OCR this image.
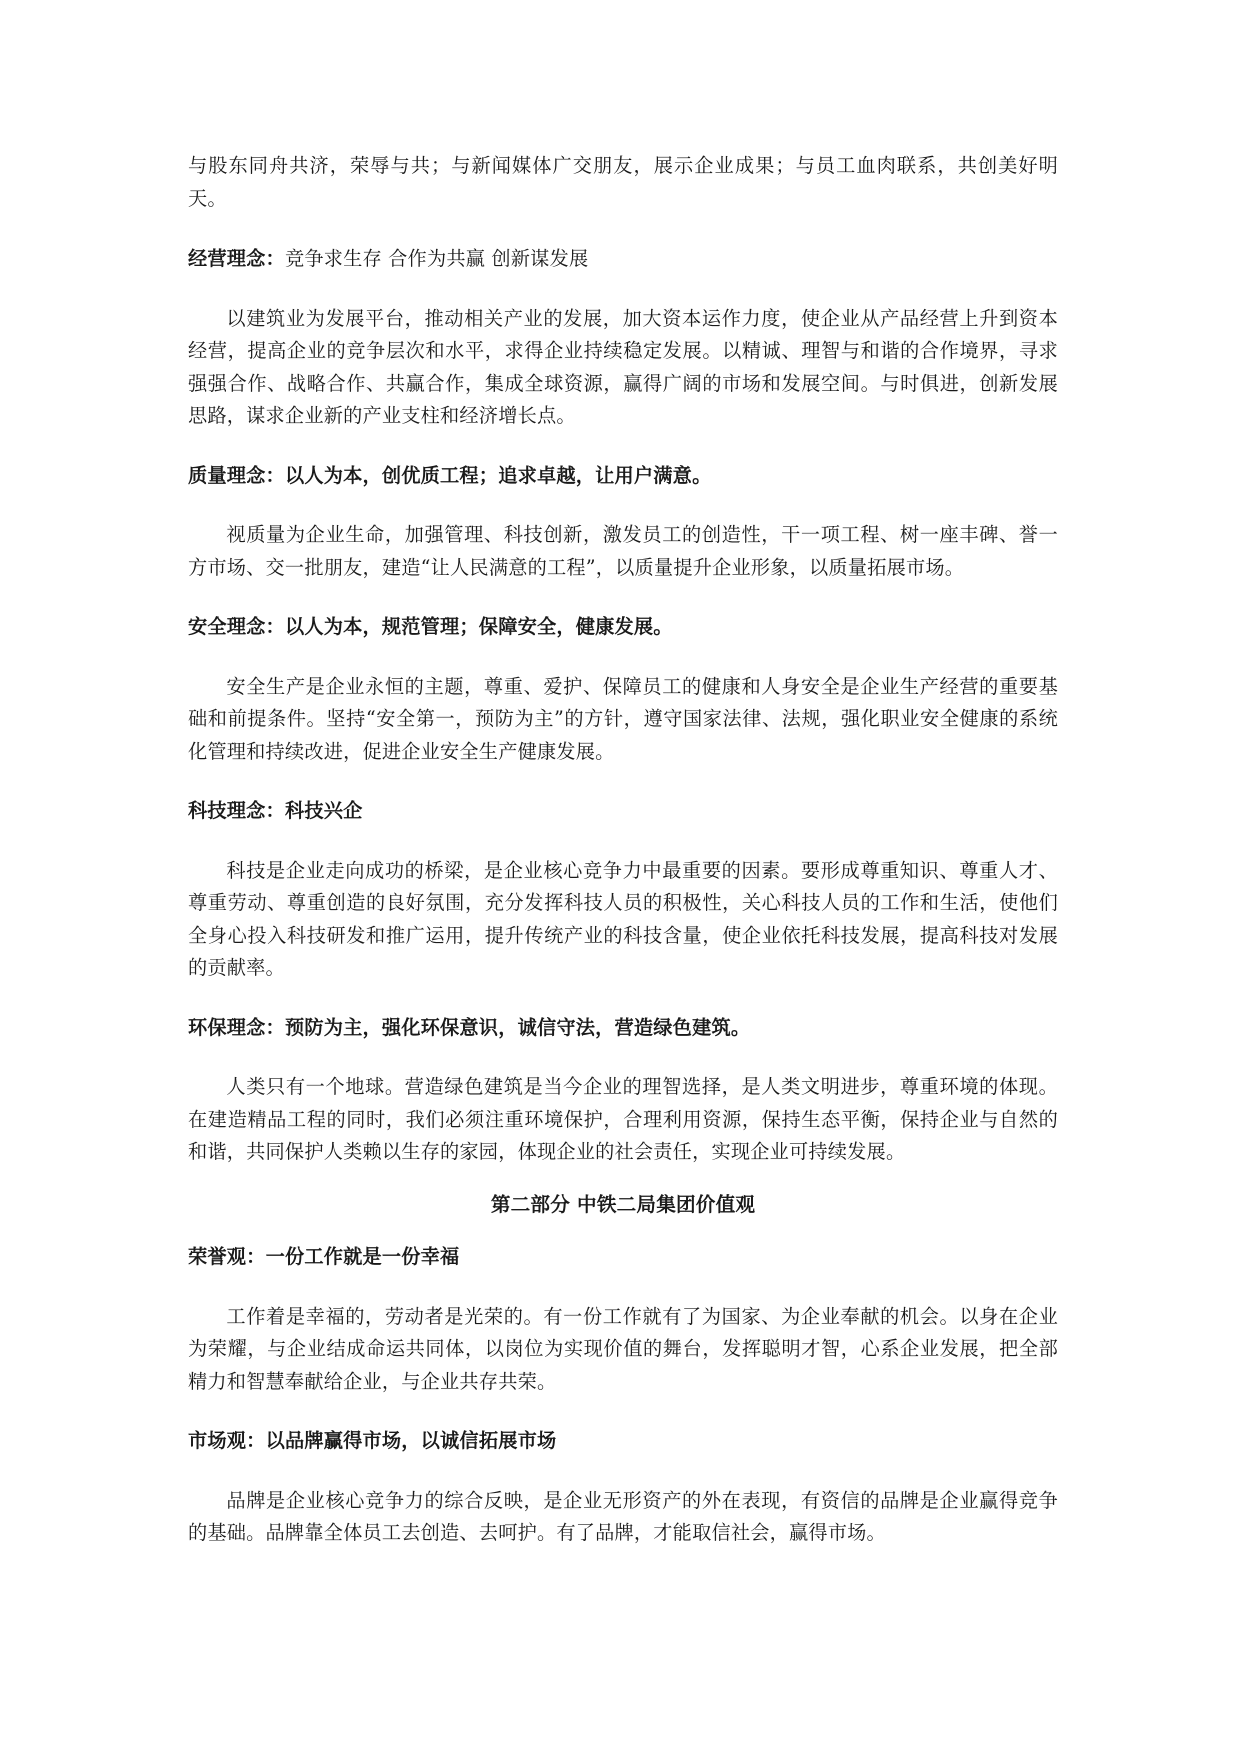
与股东同舟共济，荣辱与共；与新闻媒体广交朋友，展示企业成果；与员工血肉联系，共创美好明天。

经营理念：竞争求生存 合作为共赢 创新谋发展

以建筑业为发展平台，推动相关产业的发展，加大资本运作力度，使企业从产品经营上升到资本经营，提高企业的竞争层次和水平，求得企业持续稳定发展。以精诚、理智与和谐的合作境界，寻求强强合作、战略合作、共赢合作，集成全球资源，赢得广阔的市场和发展空间。与时俱进，创新发展思路，谋求企业新的产业支柱和经济增长点。

质量理念：以人为本，创优质工程；追求卓越，让用户满意。

视质量为企业生命，加强管理、科技创新，激发员工的创造性，干一项工程、树一座丰碑、誉一方市场、交一批朋友，建造“让人民满意的工程”，以质量提升企业形象，以质量拓展市场。

安全理念：以人为本，规范管理；保障安全，健康发展。

安全生产是企业永恒的主题，尊重、爱护、保障员工的健康和人身安全是企业生产经营的重要基础和前提条件。坚持“安全第一，预防为主”的方针，遵守国家法律、法规，强化职业安全健康的系统化管理和持续改进，促进企业安全生产健康发展。

科技理念：科技兴企

科技是企业走向成功的桥梁，是企业核心竞争力中最重要的因素。要形成尊重知识、尊重人才、尊重劳动、尊重创造的良好氛围，充分发挥科技人员的积极性，关心科技人员的工作和生活，使他们全身心投入科技研发和推广运用，提升传统产业的科技含量，使企业依托科技发展，提高科技对发展的贡献率。

环保理念：预防为主，强化环保意识，诚信守法，营造绿色建筑。

人类只有一个地球。营造绿色建筑是当今企业的理智选择，是人类文明进步，尊重环境的体现。在建造精品工程的同时，我们必须注重环境保护，合理利用资源，保持生态平衡，保持企业与自然的和谐，共同保护人类赖以生存的家园，体现企业的社会责任，实现企业可持续发展。

第二部分 中铁二局集团价值观

荣誉观：一份工作就是一份幸福

工作着是幸福的，劳动者是光荣的。有一份工作就有了为国家、为企业奉献的机会。以身在企业为荣耀，与企业结成命运共同体，以岗位为实现价值的舞台，发挥聪明才智，心系企业发展，把全部精力和智慧奉献给企业，与企业共存共荣。

市场观：以品牌赢得市场，以诚信拓展市场

品牌是企业核心竞争力的综合反映，是企业无形资产的外在表现，有资信的品牌是企业赢得竞争的基础。品牌靠全体员工去创造、去呵护。有了品牌，才能取信社会，赢得市场。
